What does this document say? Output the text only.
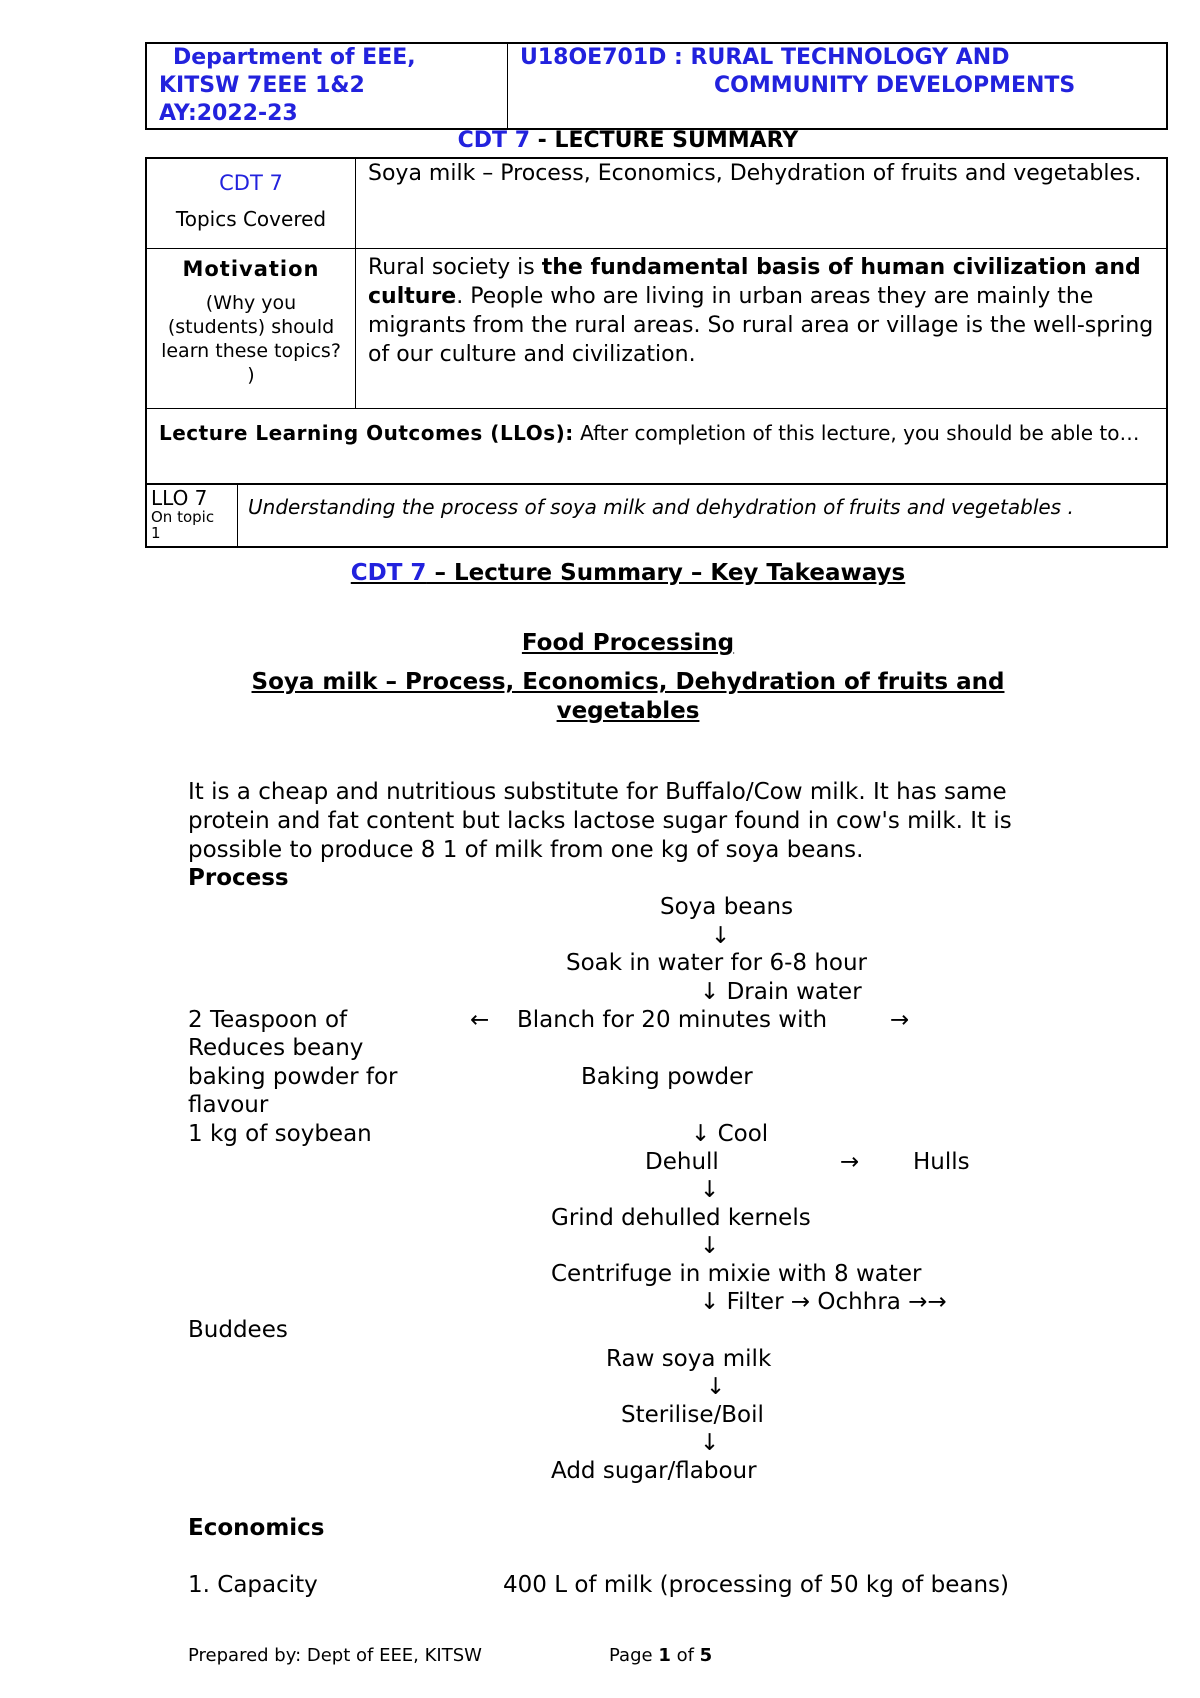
Department of EEE,
KITSW 7EEE 1&2
AY:2022-23

U18OE701D : RURAL TECHNOLOGY AND
COMMUNITY DEVELOPMENTS
CDT 7 - LECTURE SUMMARY
CDT 7
Topics Covered	Soya milk – Process, Economics, Dehydration of fruits and vegetables.

Motivation
(Why you (students) should learn these topics? )	Rural society is the fundamental basis of human civilization and culture. People who are living in urban areas they are mainly the migrants from the rural areas. So rural area or village is the well-spring of our culture and civilization.
Lecture Learning Outcomes (LLOs): After completion of this lecture, you should be able to…	
LLO 7
On topic
1
	Understanding the process of soya milk and dehydration of fruits and vegetables .
CDT 7 – Lecture Summary – Key Takeaways
Food Processing
Soya milk – Process, Economics, Dehydration of fruits and
vegetables
It is a cheap and nutritious substitute for Buffalo/Cow milk. It has same
protein and fat content but lacks lactose sugar found in cow's milk. It is
possible to produce 8 1 of milk from one kg of soya beans.
Process
Soya beans
↓
Soak in water for 6-8 hour
↓ Drain water
2 Teaspoon of	← Blanch for 20 minutes with	→
Reduces beany
baking powder for	Baking powder
flavour
1 kg of soybean	↓ Cool
Dehull	→ Hulls
↓
Grind dehulled kernels
↓
Centrifuge in mixie with 8 water
↓ Filter → Ochhra →→
Buddees
Raw soya milk
↓
Sterilise/Boil
↓
Add sugar/flabour
Economics
1. Capacity	400 L of milk (processing of 50 kg of beans)
Prepared by: Dept of EEE, KITSW	Page 1 of 5
